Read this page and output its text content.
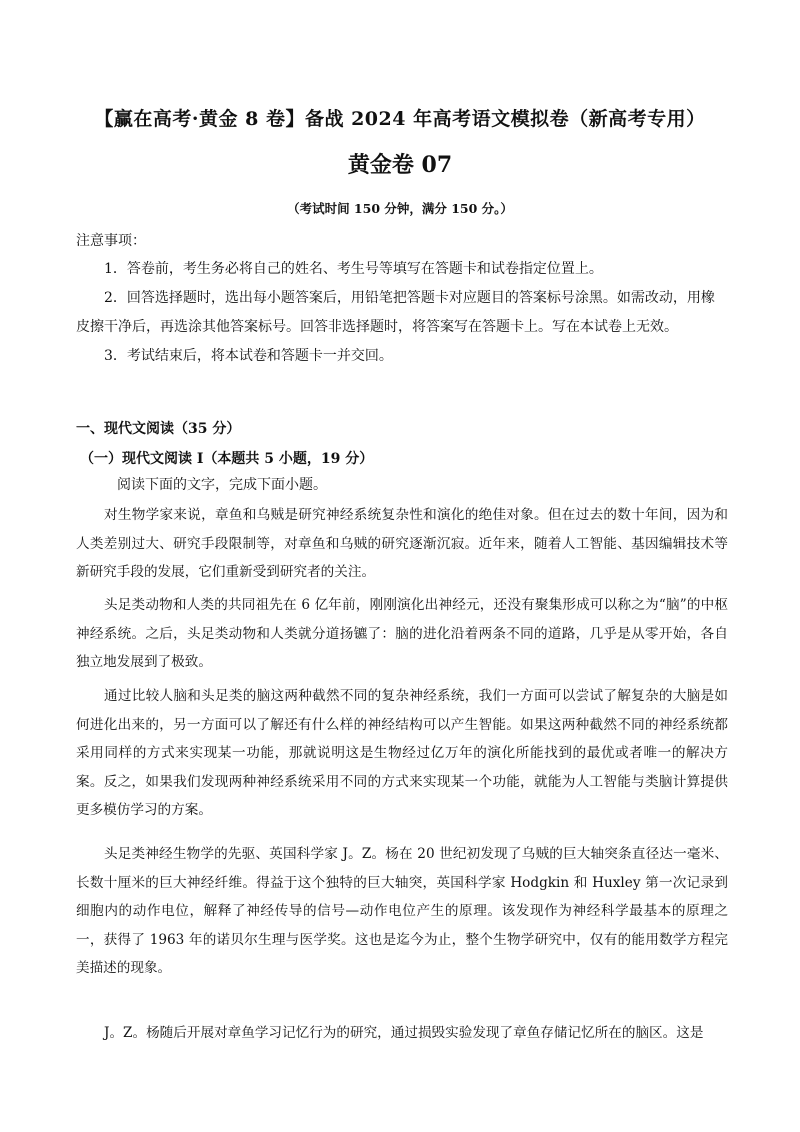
【赢在高考·黄金 8 卷】备战 2024 年高考语文模拟卷（新高考专用）
黄金卷 07
（考试时间 150 分钟，满分 150 分。）
注意事项：
1．答卷前，考生务必将自己的姓名、考生号等填写在答题卡和试卷指定位置上。
2．回答选择题时，选出每小题答案后，用铅笔把答题卡对应题目的答案标号涂黑。如需改动，用橡皮擦干净后，再选涂其他答案标号。回答非选择题时，将答案写在答题卡上。写在本试卷上无效。
3．考试结束后，将本试卷和答题卡一并交回。
一、现代文阅读（35 分）
（一）现代文阅读 I（本题共 5 小题，19 分）
阅读下面的文字，完成下面小题。
对生物学家来说，章鱼和乌贼是研究神经系统复杂性和演化的绝佳对象。但在过去的数十年间，因为和人类差别过大、研究手段限制等，对章鱼和乌贼的研究逐渐沉寂。近年来，随着人工智能、基因编辑技术等新研究手段的发展，它们重新受到研究者的关注。
头足类动物和人类的共同祖先在 6 亿年前，刚刚演化出神经元，还没有聚集形成可以称之为“脑”的中枢神经系统。之后，头足类动物和人类就分道扬镳了：脑的进化沿着两条不同的道路，几乎是从零开始，各自独立地发展到了极致。
通过比较人脑和头足类的脑这两种截然不同的复杂神经系统，我们一方面可以尝试了解复杂的大脑是如何进化出来的，另一方面可以了解还有什么样的神经结构可以产生智能。如果这两种截然不同的神经系统都采用同样的方式来实现某一功能，那就说明这是生物经过亿万年的演化所能找到的最优或者唯一的解决方案。反之，如果我们发现两种神经系统采用不同的方式来实现某一个功能，就能为人工智能与类脑计算提供更多模仿学习的方案。
头足类神经生物学的先驱、英国科学家 J。Z。杨在 20 世纪初发现了乌贼的巨大轴突条直径达一毫米、长数十厘米的巨大神经纤维。得益于这个独特的巨大轴突，英国科学家 Hodgkin 和 Huxley 第一次记录到细胞内的动作电位，解释了神经传导的信号—动作电位产生的原理。该发现作为神经科学最基本的原理之一，获得了 1963 年的诺贝尔生理与医学奖。这也是迄今为止，整个生物学研究中，仅有的能用数学方程完美描述的现象。
J。Z。杨随后开展对章鱼学习记忆行为的研究，通过损毁实验发现了章鱼存储记忆所在的脑区。这是
